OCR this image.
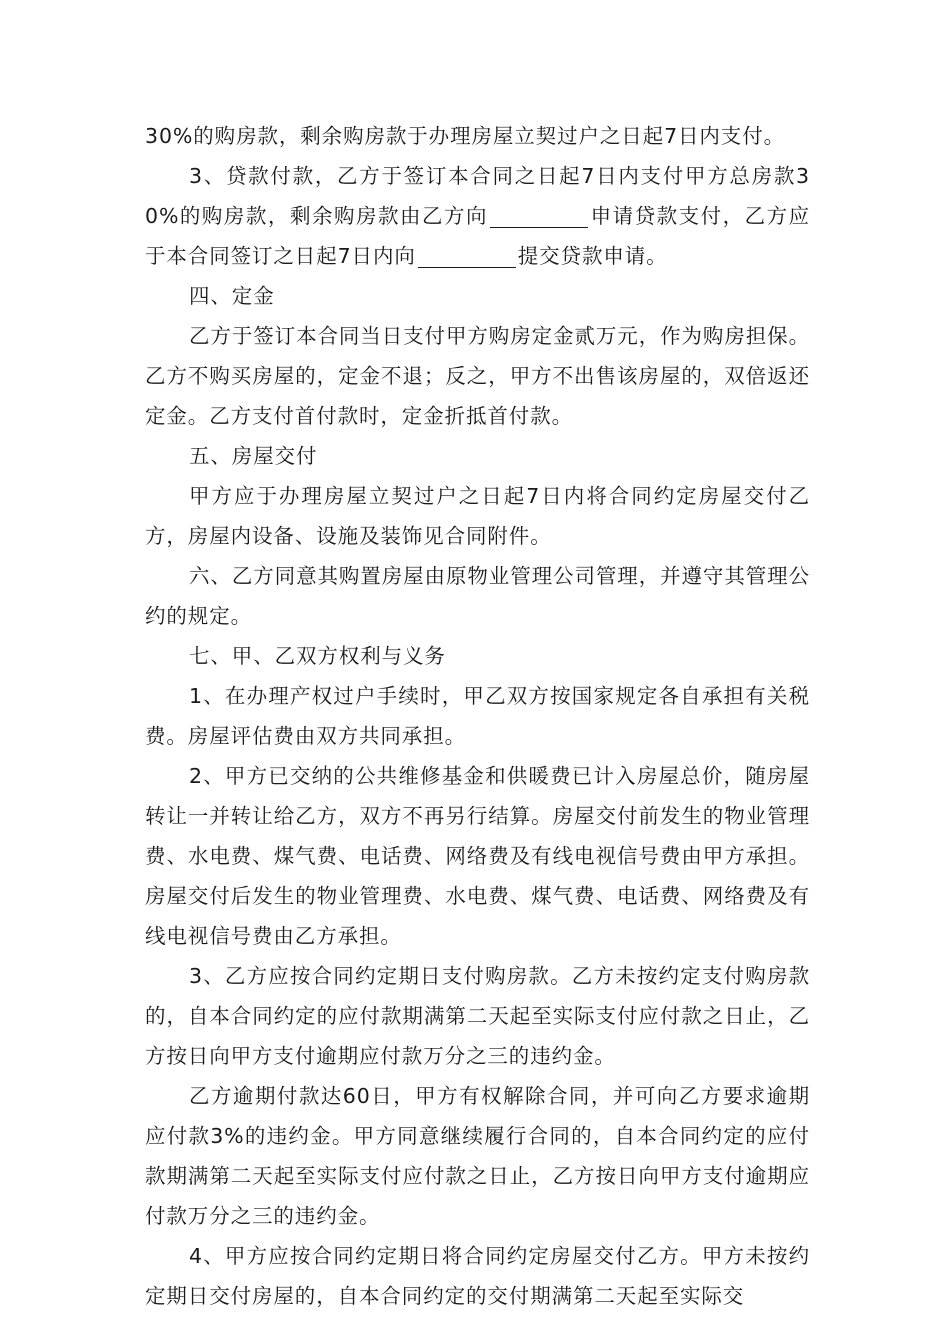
30%的购房款，剩余购房款于办理房屋立契过户之日起7日内支付。

3、贷款付款，乙方于签订本合同之日起7日内支付甲方总房款30%的购房款，剩余购房款由乙方向	申请贷款支付，乙方应于本合同签订之日起7日内向	提交贷款申请。

四、定金

乙方于签订本合同当日支付甲方购房定金贰万元，作为购房担保。乙方不购买房屋的，定金不退；反之，甲方不出售该房屋的，双倍返还定金。乙方支付首付款时，定金折抵首付款。

五、房屋交付

甲方应于办理房屋立契过户之日起7日内将合同约定房屋交付乙方，房屋内设备、设施及装饰见合同附件。

六、乙方同意其购置房屋由原物业管理公司管理，并遵守其管理公约的规定。

七、甲、乙双方权利与义务

1、在办理产权过户手续时，甲乙双方按国家规定各自承担有关税费。房屋评估费由双方共同承担。

2、甲方已交纳的公共维修基金和供暖费已计入房屋总价，随房屋转让一并转让给乙方，双方不再另行结算。房屋交付前发生的物业管理费、水电费、煤气费、电话费、网络费及有线电视信号费由甲方承担。房屋交付后发生的物业管理费、水电费、煤气费、电话费、网络费及有线电视信号费由乙方承担。

3、乙方应按合同约定期日支付购房款。乙方未按约定支付购房款的，自本合同约定的应付款期满第二天起至实际支付应付款之日止，乙方按日向甲方支付逾期应付款万分之三的违约金。

乙方逾期付款达60日，甲方有权解除合同，并可向乙方要求逾期应付款3%的违约金。甲方同意继续履行合同的，自本合同约定的应付款期满第二天起至实际支付应付款之日止，乙方按日向甲方支付逾期应付款万分之三的违约金。

4、甲方应按合同约定期日将合同约定房屋交付乙方。甲方未按约定期日交付房屋的，自本合同约定的交付期满第二天起至实际交
